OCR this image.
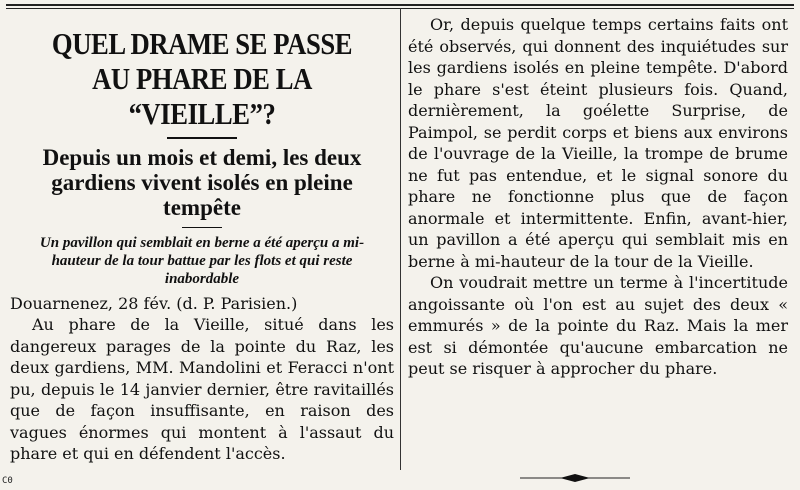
QUEL DRAME SE PASSE AU PHARE DE LA “VIEILLE”?
Depuis un mois et demi, les deux gardiens vivent isolés en pleine tempête

Un pavillon qui semblait en berne a été aperçu a mi-hauteur de la tour battue par les flots et qui reste inabordable

Douarnenez, 28 fév. (d. P. Parisien.)

Au phare de la Vieille, situé dans les dangereux parages de la pointe du Raz, les deux gardiens, MM. Mandolini et Feracci n'ont pu, depuis le 14 janvier dernier, être ravitaillés que de façon insuffisante, en raison des vagues énormes qui montent à l'assaut du phare et qui en défendent l'accès.

Or, depuis quelque temps certains faits ont été observés, qui donnent des inquiétudes sur les gardiens isolés en pleine tempête. D'abord le phare s'est éteint plusieurs fois. Quand, dernièrement, la goélette Surprise, de Paimpol, se perdit corps et biens aux environs de l'ouvrage de la Vieille, la trompe de brume ne fut pas entendue, et le signal sonore du phare ne fonctionne plus que de façon anormale et intermittente. Enfin, avant-hier, un pavillon a été aperçu qui semblait mis en berne à mi-hauteur de la tour de la Vieille.

On voudrait mettre un terme à l'incertitude angoissante où l'on est au sujet des deux « emmurés » de la pointe du Raz. Mais la mer est si démontée qu'aucune embarcation ne peut se risquer à approcher du phare.

C0
